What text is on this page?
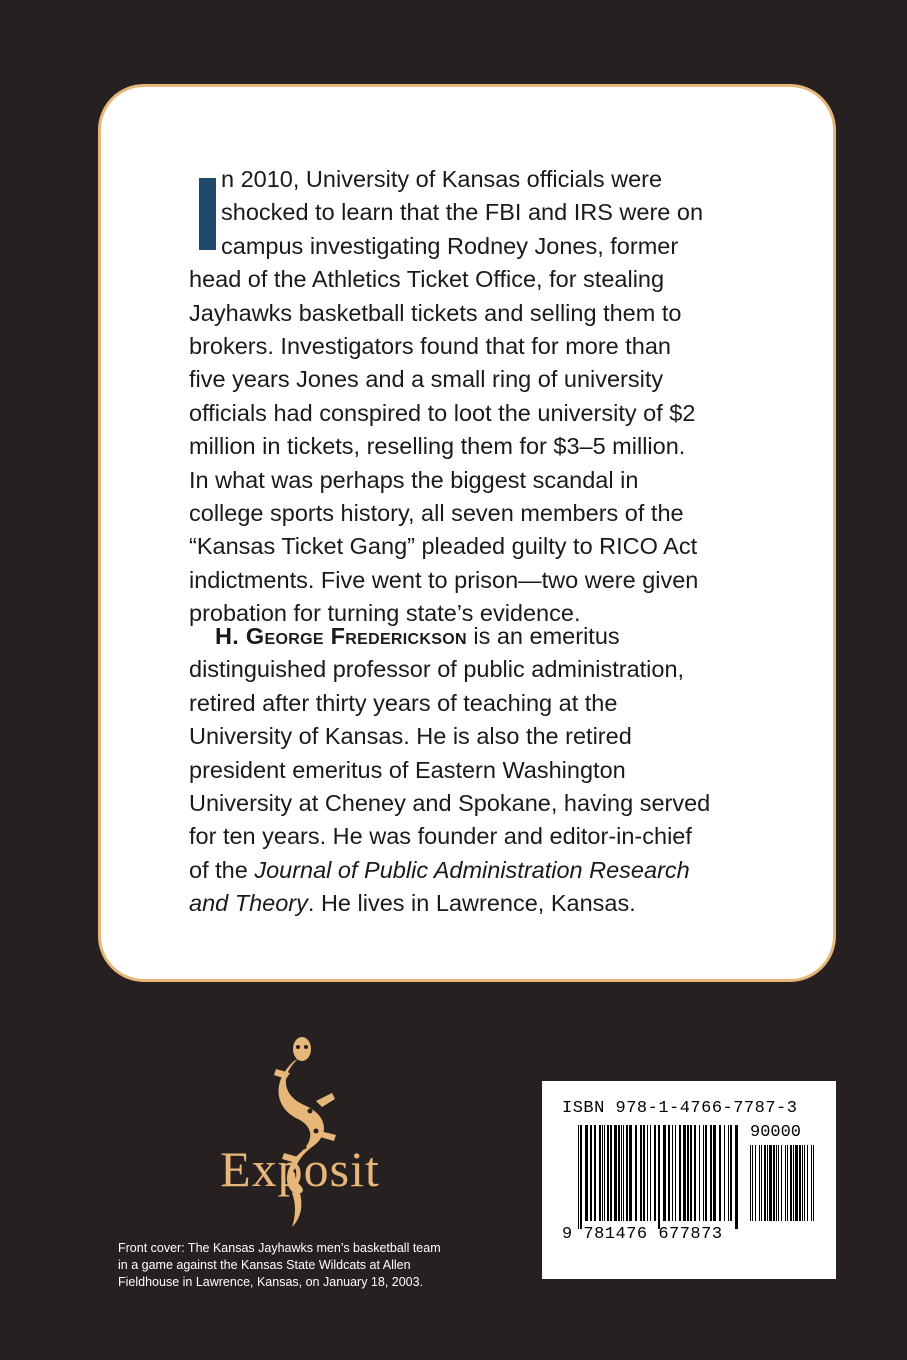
n 2010, University of Kansas officials were
shocked to learn that the FBI and IRS were on
campus investigating Rodney Jones, former
head of the Athletics Ticket Office, for stealing
Jayhawks basketball tickets and selling them to
brokers. Investigators found that for more than
five years Jones and a small ring of university
officials had conspired to loot the university of $2
million in tickets, reselling them for $3–5 million.
In what was perhaps the biggest scandal in
college sports history, all seven members of the
“Kansas Ticket Gang” pleaded guilty to RICO Act
indictments. Five went to prison—two were given
probation for turning state’s evidence.

H. George Frederickson is an emeritus
distinguished professor of public administration,
retired after thirty years of teaching at the
University of Kansas. He is also the retired
president emeritus of Eastern Washington
University at Cheney and Spokane, having served
for ten years. He was founder and editor-in-chief
of the Journal of Public Administration Research
and Theory. He lives in Lawrence, Kansas.

Exposit
Front cover: The Kansas Jayhawks men’s basketball team
in a game against the Kansas State Wildcats at Allen
Fieldhouse in Lawrence, Kansas, on January 18, 2003.
ISBN 978-1-4766-7787-3
90000
9 781476 677873
